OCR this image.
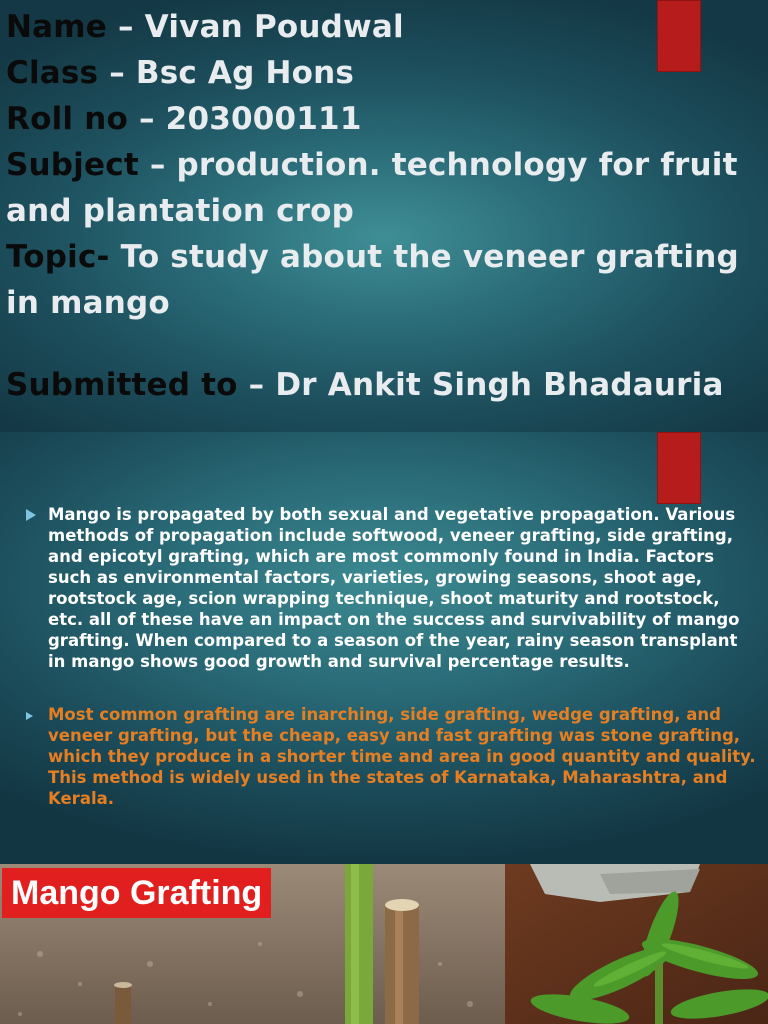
Name – Vivan Poudwal
Class – Bsc Ag Hons
Roll no – 203000111
Subject – production. technology for fruit and plantation crop
Topic- To study about the veneer grafting in mango
Submitted to – Dr Ankit Singh Bhadauria
Mango is propagated by both sexual and vegetative propagation. Various methods of propagation include softwood, veneer grafting, side grafting, and epicotyl grafting, which are most commonly found in India. Factors such as environmental factors, varieties, growing seasons, shoot age, rootstock age, scion wrapping technique, shoot maturity and rootstock, etc. all of these have an impact on the success and survivability of mango grafting. When compared to a season of the year, rainy season transplant in mango shows good growth and survival percentage results.
Most common grafting are inarching, side grafting, wedge grafting, and veneer grafting, but the cheap, easy and fast grafting was stone grafting, which they produce in a shorter time and area in good quantity and quality. This method is widely used in the states of Karnataka, Maharashtra, and Kerala.
Mango Grafting
